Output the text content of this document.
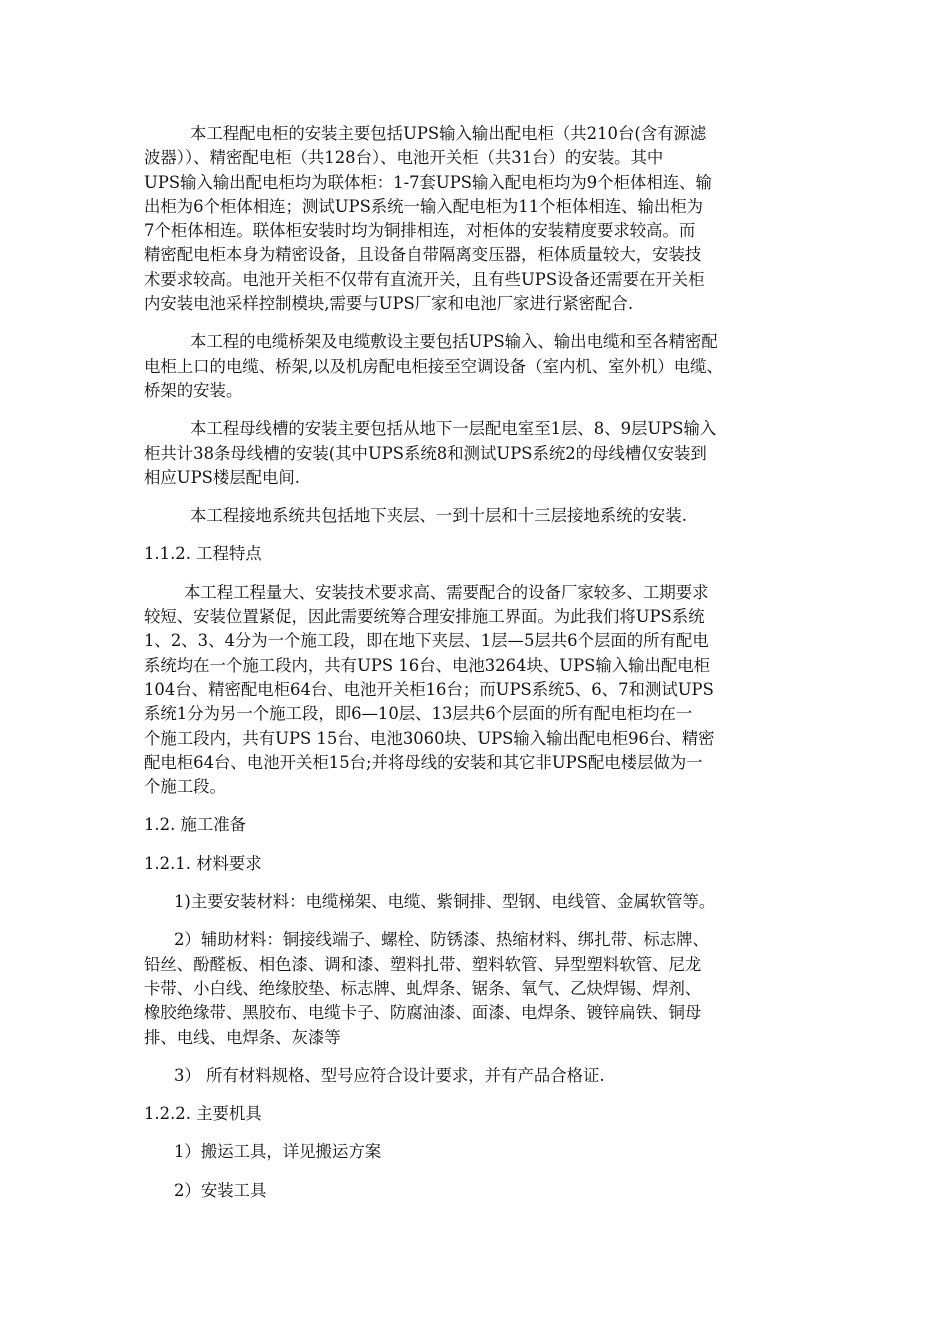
本工程配电柜的安装主要包括UPS输入输出配电柜（共210台(含有源滤
波器））、精密配电柜（共128台）、电池开关柜（共31台）的安装。其中
UPS输入输出配电柜均为联体柜：1-7套UPS输入配电柜均为9个柜体相连、输
出柜为6个柜体相连；测试UPS系统一输入配电柜为11个柜体相连、输出柜为
7个柜体相连。联体柜安装时均为铜排相连，对柜体的安装精度要求较高。而
精密配电柜本身为精密设备，且设备自带隔离变压器，柜体质量较大，安装技
术要求较高。电池开关柜不仅带有直流开关，且有些UPS设备还需要在开关柜
内安装电池采样控制模块,需要与UPS厂家和电池厂家进行紧密配合.
本工程的电缆桥架及电缆敷设主要包括UPS输入、输出电缆和至各精密配
电柜上口的电缆、桥架,以及机房配电柜接至空调设备（室内机、室外机）电缆、
桥架的安装。
本工程母线槽的安装主要包括从地下一层配电室至1层、8、9层UPS输入
柜共计38条母线槽的安装(其中UPS系统8和测试UPS系统2的母线槽仅安装到
相应UPS楼层配电间.
本工程接地系统共包括地下夹层、一到十层和十三层接地系统的安装.
1.1.2. 工程特点
本工程工程量大、安装技术要求高、需要配合的设备厂家较多、工期要求
较短、安装位置紧促，因此需要统筹合理安排施工界面。为此我们将UPS系统
1、2、3、4分为一个施工段，即在地下夹层、1层—5层共6个层面的所有配电
系统均在一个施工段内，共有UPS 16台、电池3264块、UPS输入输出配电柜
104台、精密配电柜64台、电池开关柜16台；而UPS系统5、6、7和测试UPS
系统1分为另一个施工段，即6—10层、13层共6个层面的所有配电柜均在一
个施工段内，共有UPS 15台、电池3060块、UPS输入输出配电柜96台、精密
配电柜64台、电池开关柜15台;并将母线的安装和其它非UPS配电楼层做为一
个施工段。
1.2. 施工准备
1.2.1. 材料要求
1)主要安装材料：电缆梯架、电缆、紫铜排、型钢、电线管、金属软管等。
2）辅助材料：铜接线端子、螺栓、防锈漆、热缩材料、绑扎带、标志牌、
铅丝、酚醛板、相色漆、调和漆、塑料扎带、塑料软管、异型塑料软管、尼龙
卡带、小白线、绝缘胶垫、标志牌、虬焊条、锯条、氧气、乙炔焊锡、焊剂、
橡胶绝缘带、黑胶布、电缆卡子、防腐油漆、面漆、电焊条、镀锌扁铁、铜母
排、电线、电焊条、灰漆等
3） 所有材料规格、型号应符合设计要求，并有产品合格证.
1.2.2. 主要机具
1）搬运工具，详见搬运方案
2）安装工具
